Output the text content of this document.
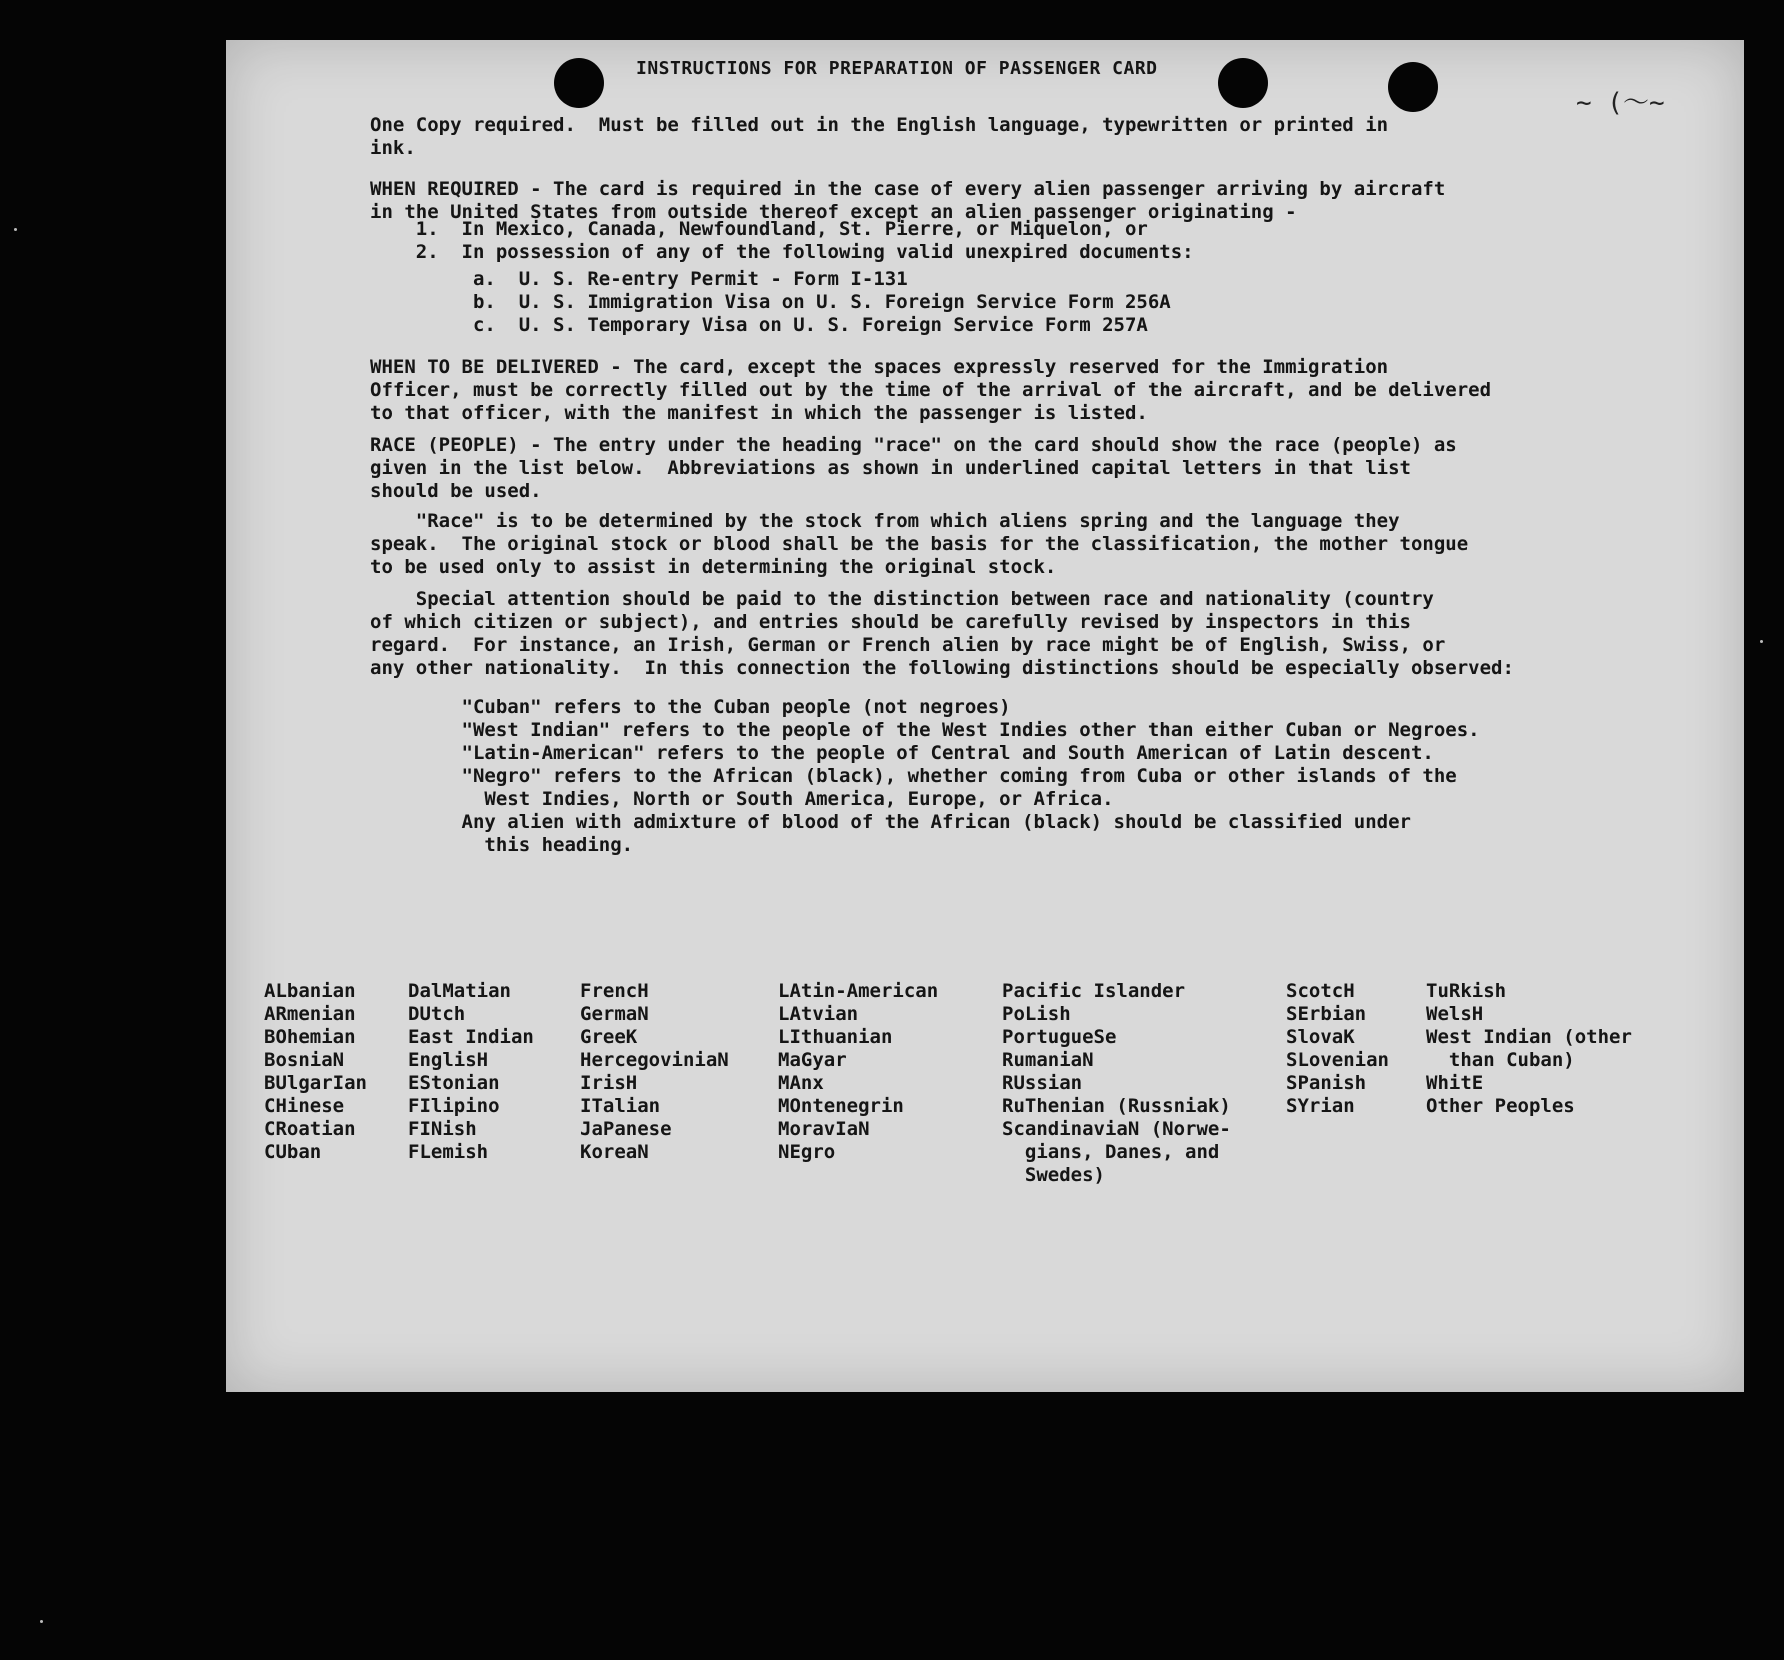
~ (〜~
INSTRUCTIONS FOR PREPARATION OF PASSENGER CARD

One Copy required.  Must be filled out in the English language, typewritten or printed in
ink.

WHEN REQUIRED - The card is required in the case of every alien passenger arriving by aircraft
in the United States from outside thereof except an alien passenger originating -

1.  In Mexico, Canada, Newfoundland, St. Pierre, or Miquelon, or
2.  In possession of any of the following valid unexpired documents:

a.  U. S. Re-entry Permit - Form I-131
b.  U. S. Immigration Visa on U. S. Foreign Service Form 256A
c.  U. S. Temporary Visa on U. S. Foreign Service Form 257A

WHEN TO BE DELIVERED - The card, except the spaces expressly reserved for the Immigration
Officer, must be correctly filled out by the time of the arrival of the aircraft, and be delivered
to that officer, with the manifest in which the passenger is listed.

RACE (PEOPLE) - The entry under the heading "race" on the card should show the race (people) as
given in the list below.  Abbreviations as shown in underlined capital letters in that list
should be used.

"Race" is to be determined by the stock from which aliens spring and the language they
speak.  The original stock or blood shall be the basis for the classification, the mother tongue
to be used only to assist in determining the original stock.

Special attention should be paid to the distinction between race and nationality (country
of which citizen or subject), and entries should be carefully revised by inspectors in this
regard.  For instance, an Irish, German or French alien by race might be of English, Swiss, or
any other nationality.  In this connection the following distinctions should be especially observed:

"Cuban" refers to the Cuban people (not negroes)
"West Indian" refers to the people of the West Indies other than either Cuban or Negroes.
"Latin-American" refers to the people of Central and South American of Latin descent.
"Negro" refers to the African (black), whether coming from Cuba or other islands of the
West Indies, North or South America, Europe, or Africa.
Any alien with admixture of blood of the African (black) should be classified under
this heading.

ALbanian
ARmenian
BOhemian
BosniaN
BUlgarIan
CHinese
CRoatian
CUban
DalMatian
DUtch
East Indian
EnglisH
EStonian
FIlipino
FINish
FLemish
FrencH
GermaN
GreeK
HercegoviniaN
IrisH
ITalian
JaPanese
KoreaN
LAtin-American
LAtvian
LIthuanian
MaGyar
MAnx
MOntenegrin
MoravIaN
NEgro
Pacific Islander
PoLish
PortugueSe
RumaniaN
RUssian
RuThenian (Russniak)
ScandinaviaN (Norwe-
gians, Danes, and
Swedes)
ScotcH
SErbian
SlovaK
SLovenian
SPanish
SYrian
TuRkish
WelsH
West Indian (other
than Cuban)
WhitE
Other Peoples
